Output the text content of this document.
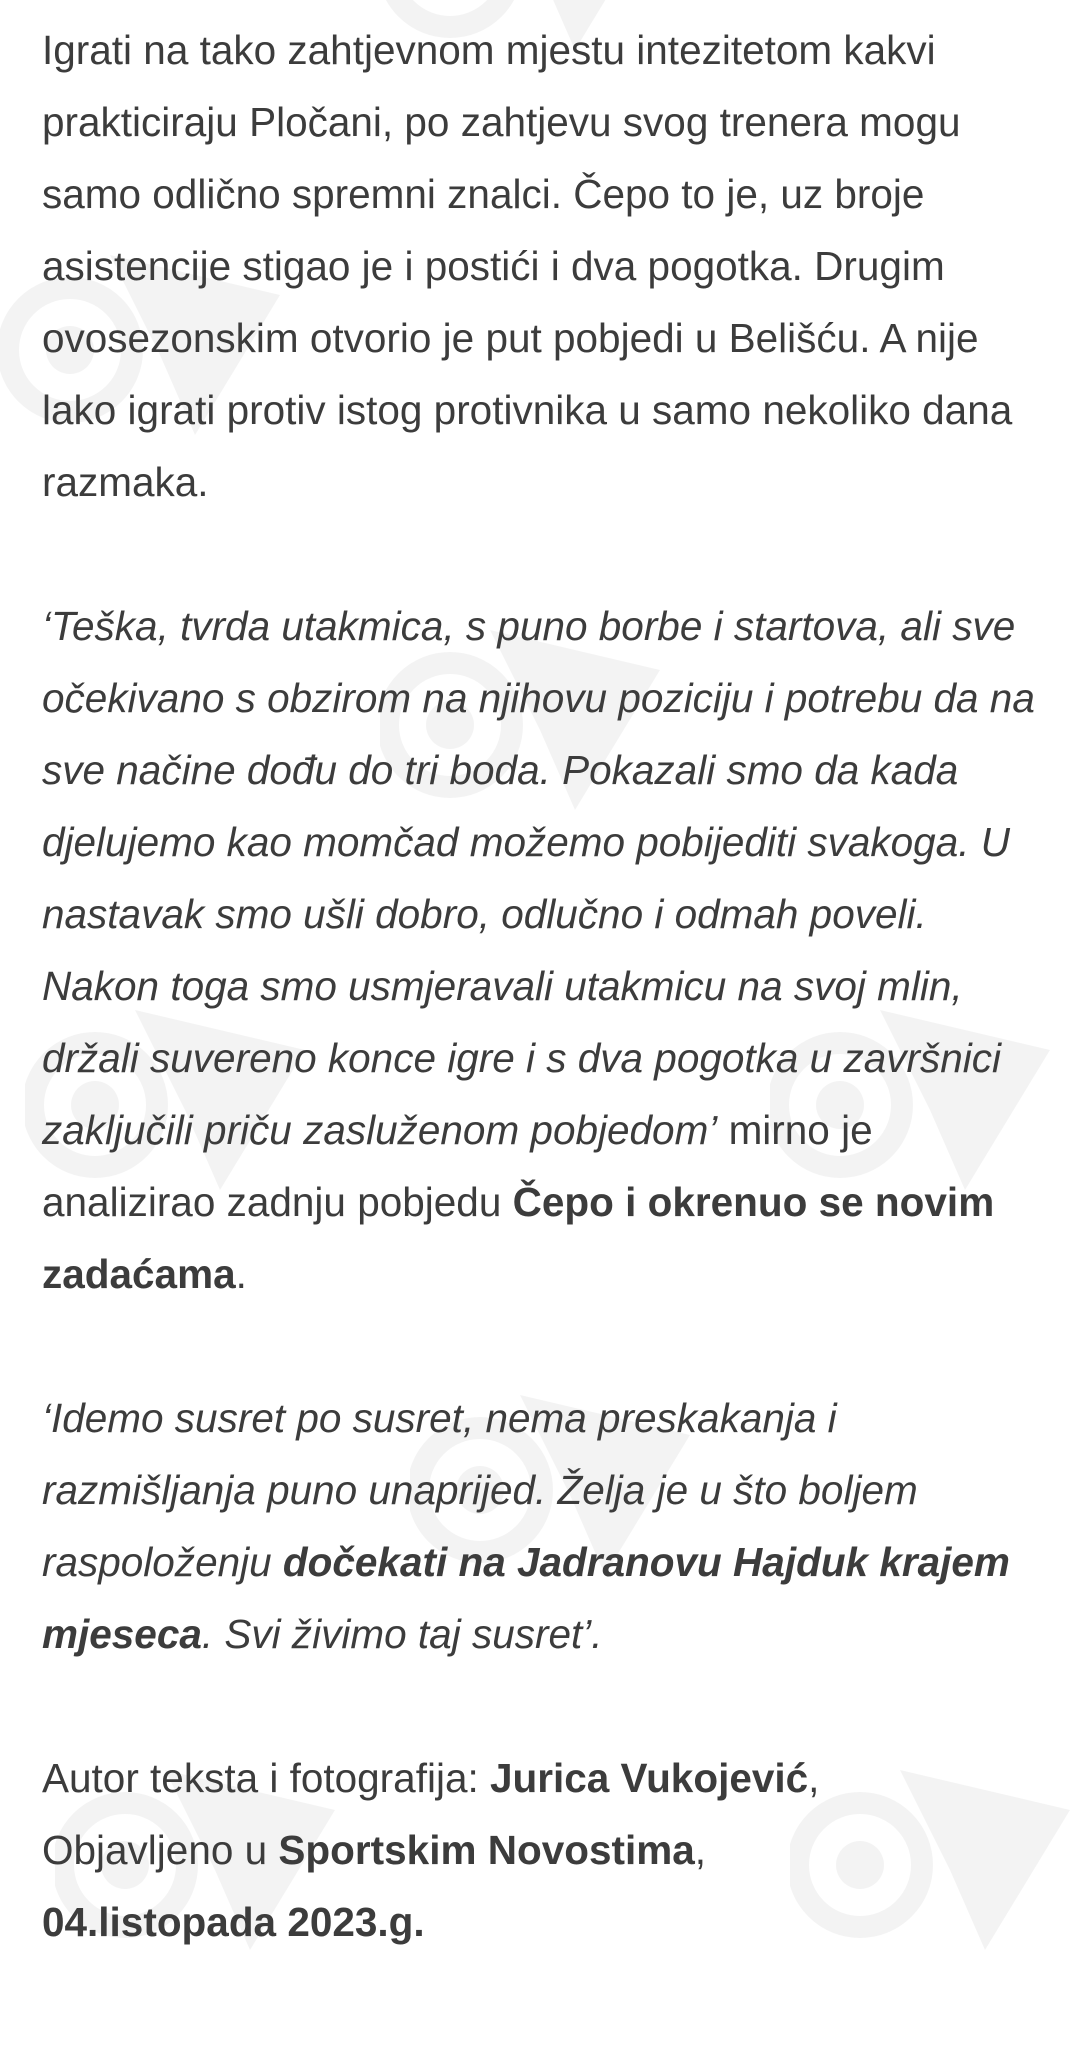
Igrati na tako zahtjevnom mjestu intezitetom kakvi prakticiraju Pločani, po zahtjevu svog trenera mogu samo odlično spremni znalci. Čepo to je, uz broje asistencije stigao je i postići i dva pogotka. Drugim ovosezonskim otvorio je put pobjedi u Belišću. A nije lako igrati protiv istog protivnika u samo nekoliko dana razmaka.

‘Teška, tvrda utakmica, s puno borbe i startova, ali sve očekivano s obzirom na njihovu poziciju i potrebu da na sve načine dođu do tri boda. Pokazali smo da kada djelujemo kao momčad možemo pobijediti svakoga. U nastavak smo ušli dobro, odlučno i odmah poveli. Nakon toga smo usmjeravali utakmicu na svoj mlin, držali suvereno konce igre i s dva pogotka u završnici zaključili priču zasluženom pobjedom’ mirno je analizirao zadnju pobjedu Čepo i okrenuo se novim zadaćama.

‘Idemo susret po susret, nema preskakanja i razmišljanja puno unaprijed. Želja je u što boljem raspoloženju dočekati na Jadranovu Hajduk krajem mjeseca. Svi živimo taj susret’.

Autor teksta i fotografija: Jurica Vukojević,
Objavljeno u Sportskim Novostima,
04.listopada 2023.g.
